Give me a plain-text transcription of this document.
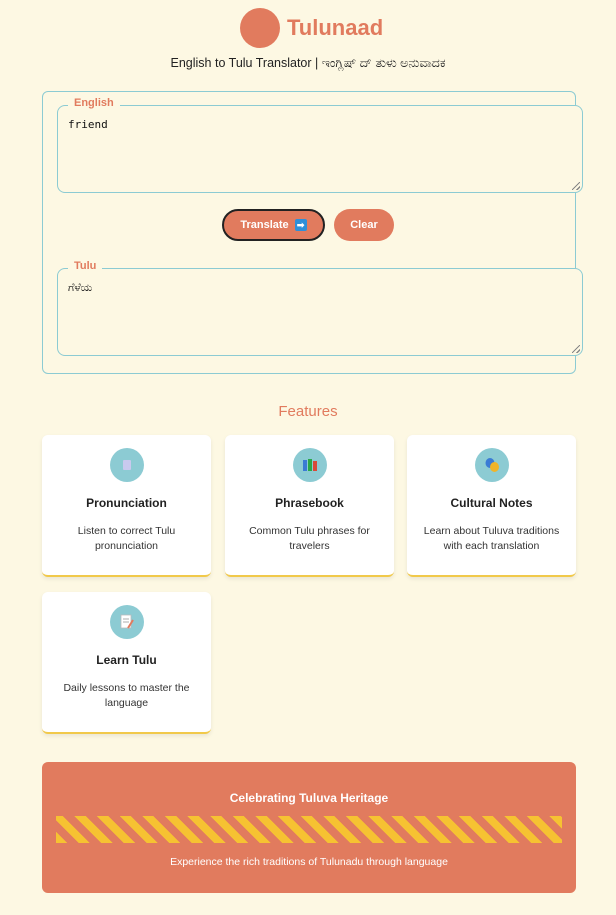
Tulunaad
English to Tulu Translator | ಇಂಗ್ಲಿಷ್ ದ್ ತುಳು ಅನುವಾದಕ
English
friend
Translate ➡	Clear
Tulu
ಗೆಳೆಯ
Features
Pronunciation
Listen to correct Tulu pronunciation
Phrasebook
Common Tulu phrases for travelers
Cultural Notes
Learn about Tuluva traditions with each translation
Learn Tulu
Daily lessons to master the language
Celebrating Tuluva Heritage
Experience the rich traditions of Tulunadu through language
